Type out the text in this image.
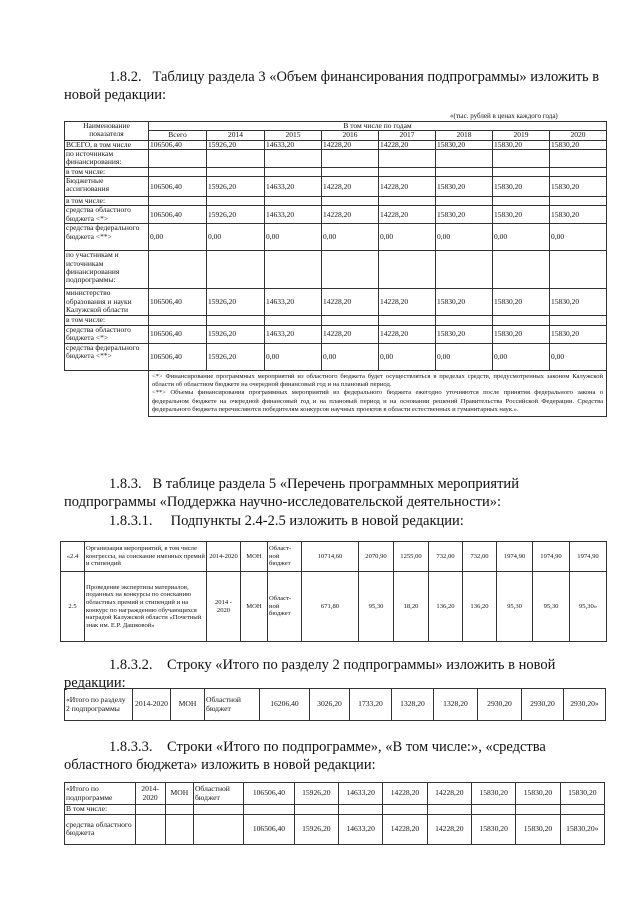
1.8.2. Таблицу раздела 3 «Объем финансирования подпрограммы» изложить в новой редакции:
«(тыс. рублей в ценах каждого года)
Наименование показателя	В том числе по годам							
	Всего	2014	2015	2016	2017	2018	2019	2020
ВСЕГО, в том числе	106506,40	15926,20	14633,20	14228,20	14228,20	15830,20	15830,20	15830,20
по источникам финансирования:								
в том числе:								
Бюджетные ассигнования	106506,40	15926,20	14633,20	14228,20	14228,20	15830,20	15830,20	15830,20
в том числе:								
средства областного бюджета <*>	106506,40	15926,20	14633,20	14228,20	14228,20	15830,20	15830,20	15830,20
средства федерального бюджета <**>	0,00	0,00	0,00	0,00	0,00	0,00	0,00	0,00
по участникам и источникам финансирования подпрограммы:								
министерство образования и науки Калужской области	106506,40	15926,20	14633,20	14228,20	14228,20	15830,20	15830,20	15830,20
в том числе:								
средства областного бюджета <*>	106506,40	15926,20	14633,20	14228,20	14228,20	15830,20	15830,20	15830,20
средства федерального бюджета <**>	106506,40	15926,20	0,00	0,00	0,00	0,00	0,00	0,00

	<*> Финансирование программных мероприятий из областного бюджета будет осуществляться в пределах средств, предусмотренных законом Калужской области об областном бюджете на очередной финансовый год и на плановый период.
<**> Объемы финансирования программных мероприятий из федерального бюджета ежегодно уточняются после принятия федерального закона о федеральном бюджете на очередной финансовый год и на плановый период и на основании решений Правительства Российской Федерации. Средства федерального бюджета перечисляются победителям конкурсов научных проектов в области естественных и гуманитарных наук.».							
1.8.3. В таблице раздела 5 «Перечень программных мероприятий подпрограммы «Поддержка научно-исследовательской деятельности»:
1.8.3.1. Подпункты 2.4-2.5 изложить в новой редакции:
«2.4	Организация мероприятий, в том числе конгрессы, на соискание именных премий и стипендий	2014-2020	МОН	Област-ной бюджет	10714,60	2070,90	1255,00	732,00	732,00	1974,90	1974,90	1974,90
2.5	Проведение экспертизы материалов, поданных на конкурсы по соисканию областных премий и стипендий и на конкурс по награждению обучающихся наградой Калужской области «Почетный знак им. Е.Р. Дашковой»	2014 - 2020	МОН	Област-ной бюджет	671,80	95,30	18,20	136,20	136,20	95,30	95,30	95,30»
1.8.3.2. Строку «Итого по разделу 2 подпрограммы» изложить в новой редакции:
«Итого по разделу 2 подпрограммы	2014-2020	МОН	Областной бюджет	16206,40	3026,20	1733,20	1328,20	1328,20	2930,20	2930,20	2930,20»
1.8.3.3. Строки «Итого по подпрограмме», «В том числе:», «средства областного бюджета» изложить в новой редакции:
«Итого по подпрограмме	2014-2020	МОН	Областной бюджет	106506,40	15926,20	14633,20	14228,20	14228,20	15830,20	15830,20	15830,20
В том числе:											
средства областного бюджета				106506,40	15926,20	14633,20	14228,20	14228,20	15830,20	15830,20	15830,20»
